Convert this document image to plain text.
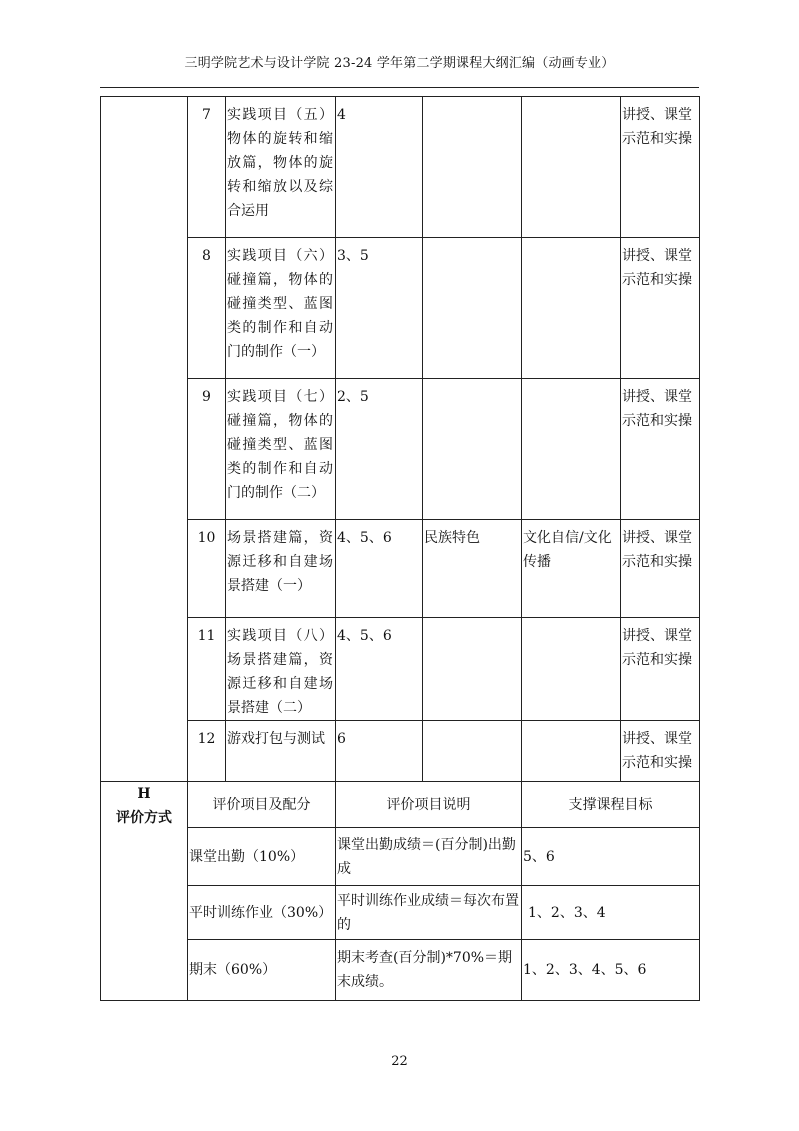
三明学院艺术与设计学院 23-24 学年第二学期课程大纲汇编（动画专业）
	7	实践项目（五）物体的旋转和缩放篇，物体的旋转和缩放以及综合运用	4			讲授、课堂示范和实操
	8	实践项目（六）碰撞篇，物体的碰撞类型、蓝图类的制作和自动门的制作（一）	3、5			讲授、课堂示范和实操
	9	实践项目（七）碰撞篇，物体的碰撞类型、蓝图类的制作和自动门的制作（二）	2、5			讲授、课堂示范和实操
	10	场景搭建篇，资源迁移和自建场景搭建（一）	4、5、6	民族特色	文化自信/文化传播	讲授、课堂示范和实操
	11	实践项目（八）场景搭建篇，资源迁移和自建场景搭建（二）	4、5、6			讲授、课堂示范和实操
	12	游戏打包与测试	6			讲授、课堂示范和实操

H
评价方式	评价项目及配分		评价项目说明		支撑课程目标	
	课堂出勤（10%）		课堂出勤成绩＝(百分制)出勤成		5、6	
	平时训练作业（30%）		平时训练作业成绩＝每次布置的		1、2、3、4	
	期末（60%）		期末考查(百分制)*70%＝期末成绩。		1、2、3、4、5、6	
22
